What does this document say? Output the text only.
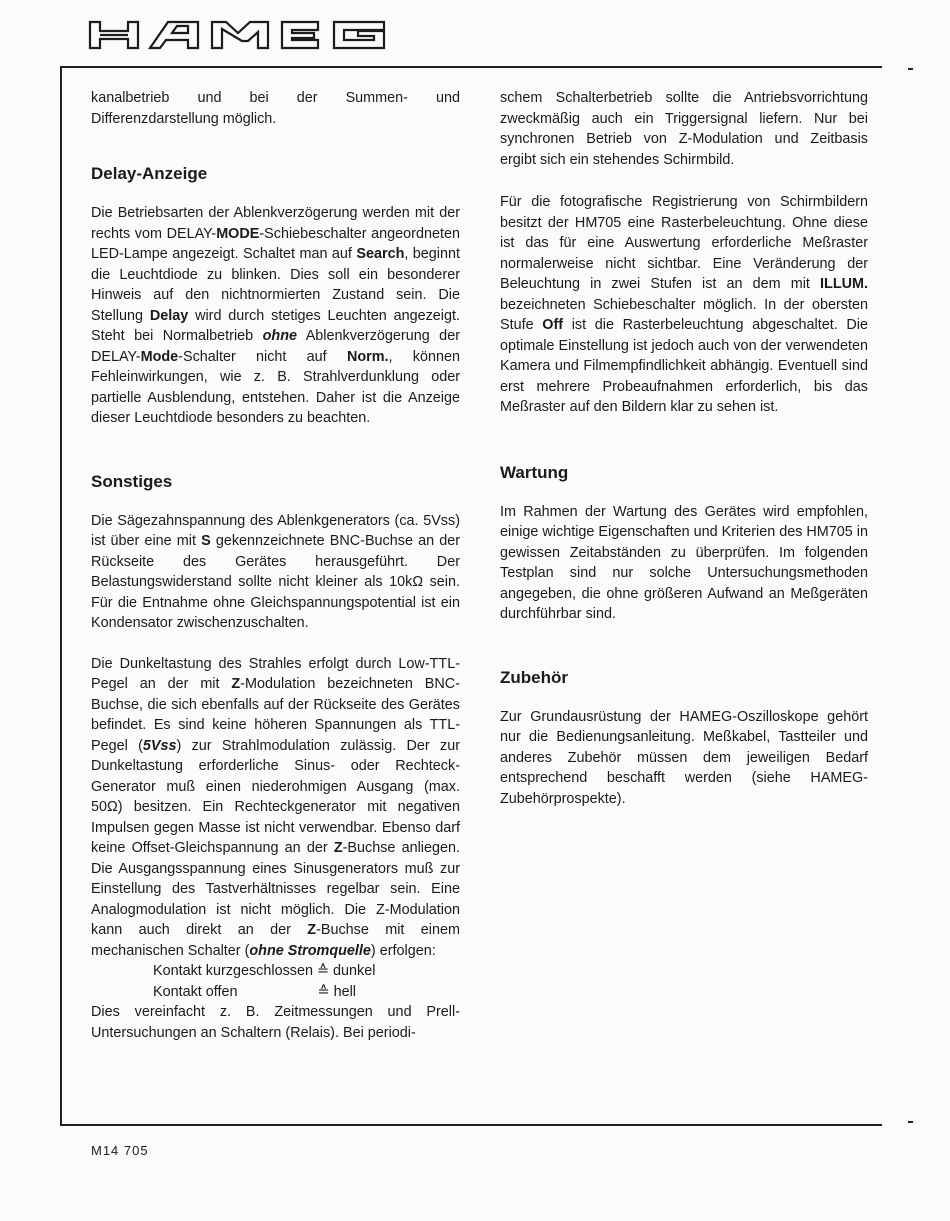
kanalbetrieb und bei der Summen- und Differenzdarstellung möglich.

Delay-Anzeige

Die Betriebsarten der Ablenkverzögerung werden mit der rechts vom DELAY-MODE-Schiebeschalter angeordneten LED-Lampe angezeigt. Schaltet man auf Search, beginnt die Leuchtdiode zu blinken. Dies soll ein besonderer Hinweis auf den nichtnormierten Zustand sein. Die Stellung Delay wird durch stetiges Leuchten angezeigt. Steht bei Normalbetrieb ohne Ablenkverzögerung der DELAY-Mode-Schalter nicht auf Norm., können Fehleinwirkungen, wie z. B. Strahlverdunklung oder partielle Ausblendung, entstehen. Daher ist die Anzeige dieser Leuchtdiode besonders zu beachten.

Sonstiges

Die Sägezahnspannung des Ablenkgenerators (ca. 5Vss) ist über eine mit S gekennzeichnete BNC-Buchse an der Rückseite des Gerätes herausgeführt. Der Belastungswiderstand sollte nicht kleiner als 10kΩ sein. Für die Entnahme ohne Gleichspannungspotential ist ein Kondensator zwischenzuschalten.

Die Dunkeltastung des Strahles erfolgt durch Low-TTL-Pegel an der mit Z-Modulation bezeichneten BNC-Buchse, die sich ebenfalls auf der Rückseite des Gerätes befindet. Es sind keine höheren Spannungen als TTL-Pegel (5Vss) zur Strahlmodulation zulässig. Der zur Dunkeltastung erforderliche Sinus- oder Rechteck-Generator muß einen niederohmigen Ausgang (max. 50Ω) besitzen. Ein Rechteckgenerator mit negativen Impulsen gegen Masse ist nicht verwendbar. Ebenso darf keine Offset-Gleichspannung an der Z-Buchse anliegen. Die Ausgangsspannung eines Sinusgenerators muß zur Einstellung des Tastverhältnisses regelbar sein. Eine Analogmodulation ist nicht möglich. Die Z-Modulation kann auch direkt an der Z-Buchse mit einem mechanischen Schalter (ohne Stromquelle) erfolgen:

Kontakt kurzgeschlossen ≙ dunkel

Kontakt offen                    ≙ hell

Dies vereinfacht z. B. Zeitmessungen und Prell-Untersuchungen an Schaltern (Relais). Bei periodi-

schem Schalterbetrieb sollte die Antriebsvorrichtung zweckmäßig auch ein Triggersignal liefern. Nur bei synchronen Betrieb von Z-Modulation und Zeitbasis ergibt sich ein stehendes Schirmbild.

Für die fotografische Registrierung von Schirmbildern besitzt der HM705 eine Rasterbeleuchtung. Ohne diese ist das für eine Auswertung erforderliche Meßraster normalerweise nicht sichtbar. Eine Veränderung der Beleuchtung in zwei Stufen ist an dem mit ILLUM. bezeichneten Schiebeschalter möglich. In der obersten Stufe Off ist die Rasterbeleuchtung abgeschaltet. Die optimale Einstellung ist jedoch auch von der verwendeten Kamera und Filmempfindlichkeit abhängig. Eventuell sind erst mehrere Probeaufnahmen erforderlich, bis das Meßraster auf den Bildern klar zu sehen ist.

Wartung

Im Rahmen der Wartung des Gerätes wird empfohlen, einige wichtige Eigenschaften und Kriterien des HM705 in gewissen Zeitabständen zu überprüfen. Im folgenden Testplan sind nur solche Untersuchungsmethoden angegeben, die ohne größeren Aufwand an Meßgeräten durchführbar sind.

Zubehör

Zur Grundausrüstung der HAMEG-Oszilloskope gehört nur die Bedienungsanleitung. Meßkabel, Tastteiler und anderes Zubehör müssen dem jeweiligen Bedarf entsprechend beschafft werden (siehe HAMEG-Zubehörprospekte).

M14 705
